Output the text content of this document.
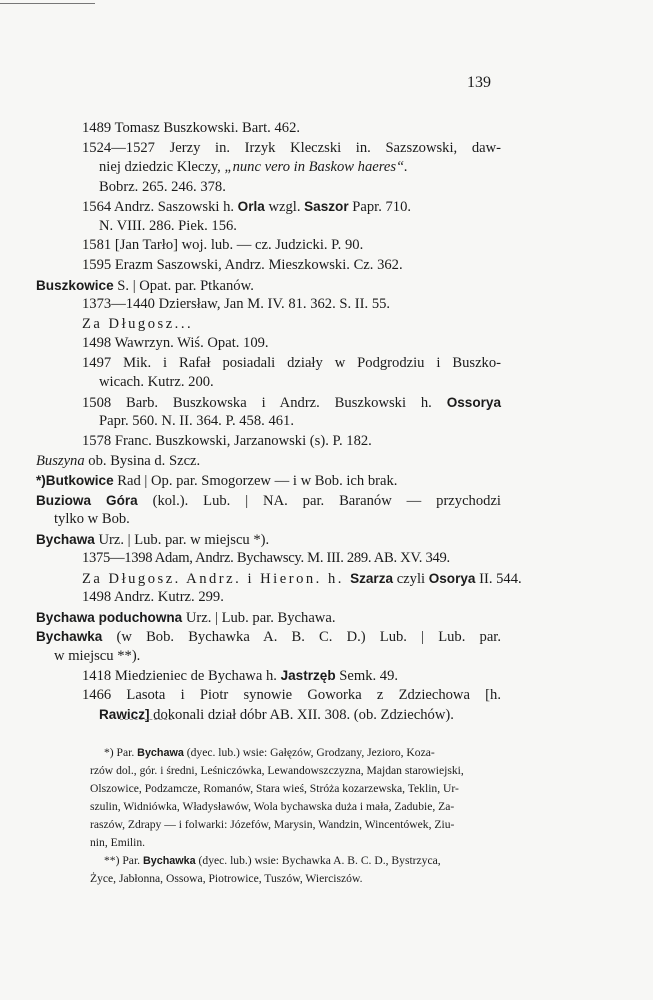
139
1489 Tomasz Buszkowski. Bart. 462.
1524—1527 Jerzy in. Irzyk Kleczski in. Sazszowski, daw-
niej dziedzic Kleczy, „nunc vero in Baskow haeres“.
Bobrz. 265. 246. 378.
1564 Andrz. Saszowski h. Orla wzgl. Saszor Papr. 710.
N. VIII. 286. Piek. 156.
1581 [Jan Tarło] woj. lub. — cz. Judzicki. P. 90.
1595 Erazm Saszowski, Andrz. Mieszkowski. Cz. 362.
Buszkowice S. | Opat. par. Ptkanów.
1373—1440 Dziersław, Jan M. IV. 81. 362. S. II. 55.
Za Długosz...
1498 Wawrzyn. Wiś. Opat. 109.
1497 Mik. i Rafał posiadali działy w Podgrodziu i Buszko-
wicach. Kutrz. 200.
1508 Barb. Buszkowska i Andrz. Buszkowski h. Ossorya
Papr. 560. N. II. 364. P. 458. 461.
1578 Franc. Buszkowski, Jarzanowski (s). P. 182.
Buszyna ob. Bysina d. Szcz.
*)Butkowice Rad | Op. par. Smogorzew — i w Bob. ich brak.
Buziowa Góra (kol.). Lub. | NA. par. Baranów — przychodzi
tylko w Bob.
Bychawa Urz. | Lub. par. w miejscu *).
1375—1398 Adam, Andrz. Bychawscy. M. III. 289. AB. XV. 349.
Za Długosz. Andrz. i Hieron. h. Szarza czyli Osorya II. 544.
1498 Andrz. Kutrz. 299.
Bychawa poduchowna Urz. | Lub. par. Bychawa.
Bychawka (w Bob. Bychawka A. B. C. D.) Lub. | Lub. par.
w miejscu **).
1418 Miedzieniec de Bychawa h. Jastrzęb Semk. 49.
1466 Lasota i Piotr synowie Goworka z Zdziechowa [h.
Rawicz] dokonali dział dóbr AB. XII. 308. (ob. Zdziechów).
*) Par. Bychawa (dyec. lub.) wsie: Gałęzów, Grodzany, Jezioro, Koza-
rzów dol., gór. i średni, Leśniczówka, Lewandowszczyzna, Majdan starowiejski,
Olszowice, Podzamcze, Romanów, Stara wieś, Stróża kozarzewska, Teklin, Ur-
szulin, Widniówka, Władysławów, Wola bychawska duża i mała, Zadubie, Za-
raszów, Zdrapy — i folwarki: Józefów, Marysin, Wandzin, Wincentówek, Ziu-
nin, Emilin.
**) Par. Bychawka (dyec. lub.) wsie: Bychawka A. B. C. D., Bystrzyca,
Życe, Jabłonna, Ossowa, Piotrowice, Tuszów, Wierciszów.
